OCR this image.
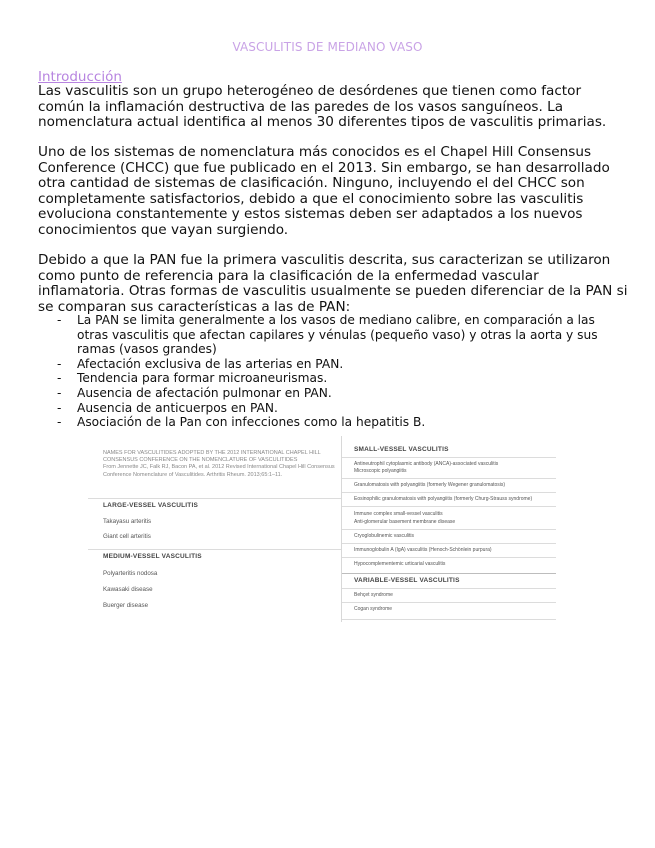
VASCULITIS DE MEDIANO VASO
Introducción

Las vasculitis son un grupo heterogéneo de desórdenes que tienen como factor común la inflamación destructiva de las paredes de los vasos sanguíneos. La nomenclatura actual identifica al menos 30 diferentes tipos de vasculitis primarias.

Uno de los sistemas de nomenclatura más conocidos es el Chapel Hill Consensus Conference (CHCC) que fue publicado en el 2013. Sin embargo, se han desarrollado otra cantidad de sistemas de clasificación. Ninguno, incluyendo el del CHCC son completamente satisfactorios, debido a que el conocimiento sobre las vasculitis evoluciona constantemente y estos sistemas deben ser adaptados a los nuevos conocimientos que vayan surgiendo.

Debido a que la PAN fue la primera vasculitis descrita, sus caracterizan se utilizaron como punto de referencia para la clasificación de la enfermedad vascular inflamatoria. Otras formas de vasculitis usualmente se pueden diferenciar de la PAN si se comparan sus características a las de PAN:

- La PAN se limita generalmente a los vasos de mediano calibre, en comparación a las otras vasculitis que afectan capilares y vénulas (pequeño vaso) y otras la aorta y sus ramas (vasos grandes)
- Afectación exclusiva de las arterias en PAN.
- Tendencia para formar microaneurismas.
- Ausencia de afectación pulmonar en PAN.
- Ausencia de anticuerpos en PAN.
- Asociación de la Pan con infecciones como la hepatitis B.
NAMES FOR VASCULITIDES ADOPTED BY THE 2012 INTERNATIONAL CHAPEL HILL CONSENSUS CONFERENCE ON THE NOMENCLATURE OF VASCULITIDES
From Jennette JC, Falk RJ, Bacon PA, et al. 2012 Revised International Chapel Hill Consensus Conference Nomenclature of Vasculitides. Arthritis Rheum. 2013;65:1–11.
LARGE-VESSEL VASCULITIS
Takayasu arteritis
Giant cell arteritis
MEDIUM-VESSEL VASCULITIS
Polyarteritis nodosa
Kawasaki disease
Buerger disease
SMALL-VESSEL VASCULITIS
Antineutrophil cytoplasmic antibody (ANCA)-associated vasculitis
Microscopic polyangiitis
Granulomatosis with polyangiitis (formerly Wegener granulomatosis)
Eosinophilic granulomatosis with polyangiitis (formerly Churg-Strauss syndrome)
Immune complex small-vessel vasculitis
Anti-glomerular basement membrane disease
Cryoglobulinemic vasculitis
Immunoglobulin A (IgA) vasculitis (Henoch-Schönlein purpura)
Hypocomplementemic urticarial vasculitis
VARIABLE-VESSEL VASCULITIS
Behçet syndrome
Cogan syndrome
